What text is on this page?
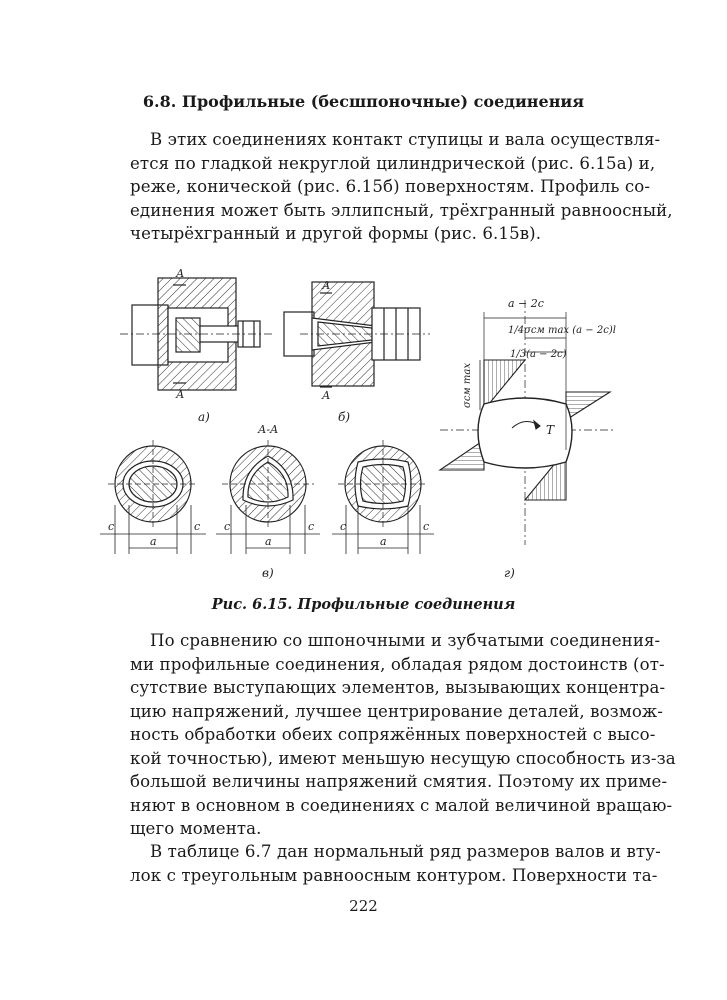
6.8. Профильные (бесшпоночные) соединения
В этих соединениях контакт ступицы и вала осуществля-
ется по гладкой некруглой цилиндрической (рис. 6.15а) и,
реже, конической (рис. 6.15б) поверхностям. Профиль со-
единения может быть эллипсный, трёхгранный равноосный,
четырёхгранный и другой формы (рис. 6.15в).
А
А
а)
А
А
б)
А-А
c	c
a
c	c
a
c	c
a
в)
a − 2c
1/4σсм max (a − 2c)l
1/3(a − 2c)
σсм max
T
г)
Рис. 6.15. Профильные соединения
По сравнению со шпоночными и зубчатыми соединения-
ми профильные соединения, обладая рядом достоинств (от-
сутствие выступающих элементов, вызывающих концентра-
цию напряжений, лучшее центрирование деталей, возмож-
ность обработки обеих сопряжённых поверхностей с высо-
кой точностью), имеют меньшую несущую способность из-за
большой величины напряжений смятия. Поэтому их приме-
няют в основном в соединениях с малой величиной вращаю-
щего момента.
В таблице 6.7 дан нормальный ряд размеров валов и вту-
лок с треугольным равноосным контуром. Поверхности та-
222
